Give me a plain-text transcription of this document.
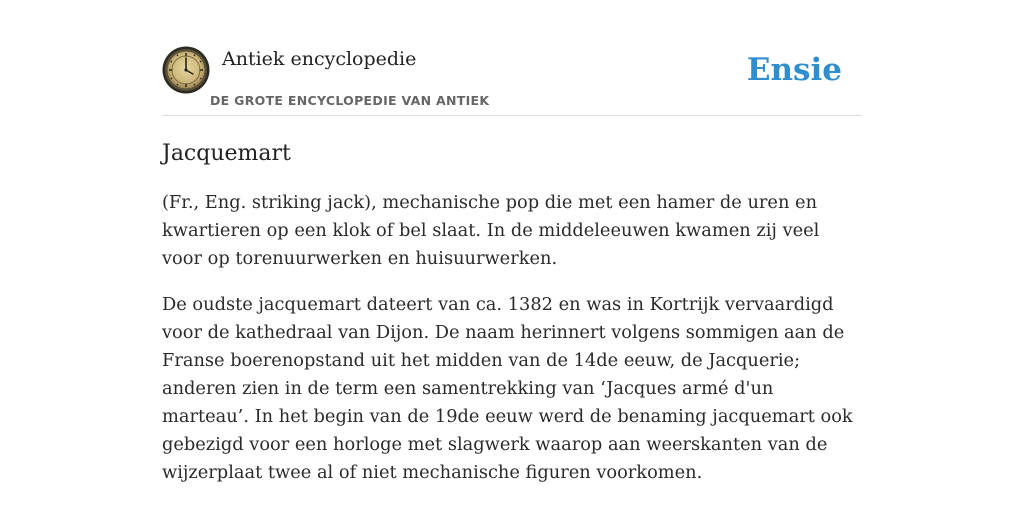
Antiek encyclopedie
DE GROTE ENCYCLOPEDIE VAN ANTIEK
Ensie
Jacquemart

(Fr., Eng. striking jack), mechanische pop die met een hamer de uren en kwartieren op een klok of bel slaat. In de middeleeuwen kwamen zij veel voor op torenuurwerken en huisuurwerken.

De oudste jacquemart dateert van ca. 1382 en was in Kortrijk vervaardigd voor de kathedraal van Dijon. De naam herinnert volgens sommigen aan de Franse boerenopstand uit het midden van de 14de eeuw, de Jacquerie; anderen zien in de term een samentrekking van ‘Jacques armé d'un marteau’. In het begin van de 19de eeuw werd de benaming jacquemart ook gebezigd voor een horloge met slagwerk waarop aan weerskanten van de wijzerplaat twee al of niet mechanische figuren voorkomen.
